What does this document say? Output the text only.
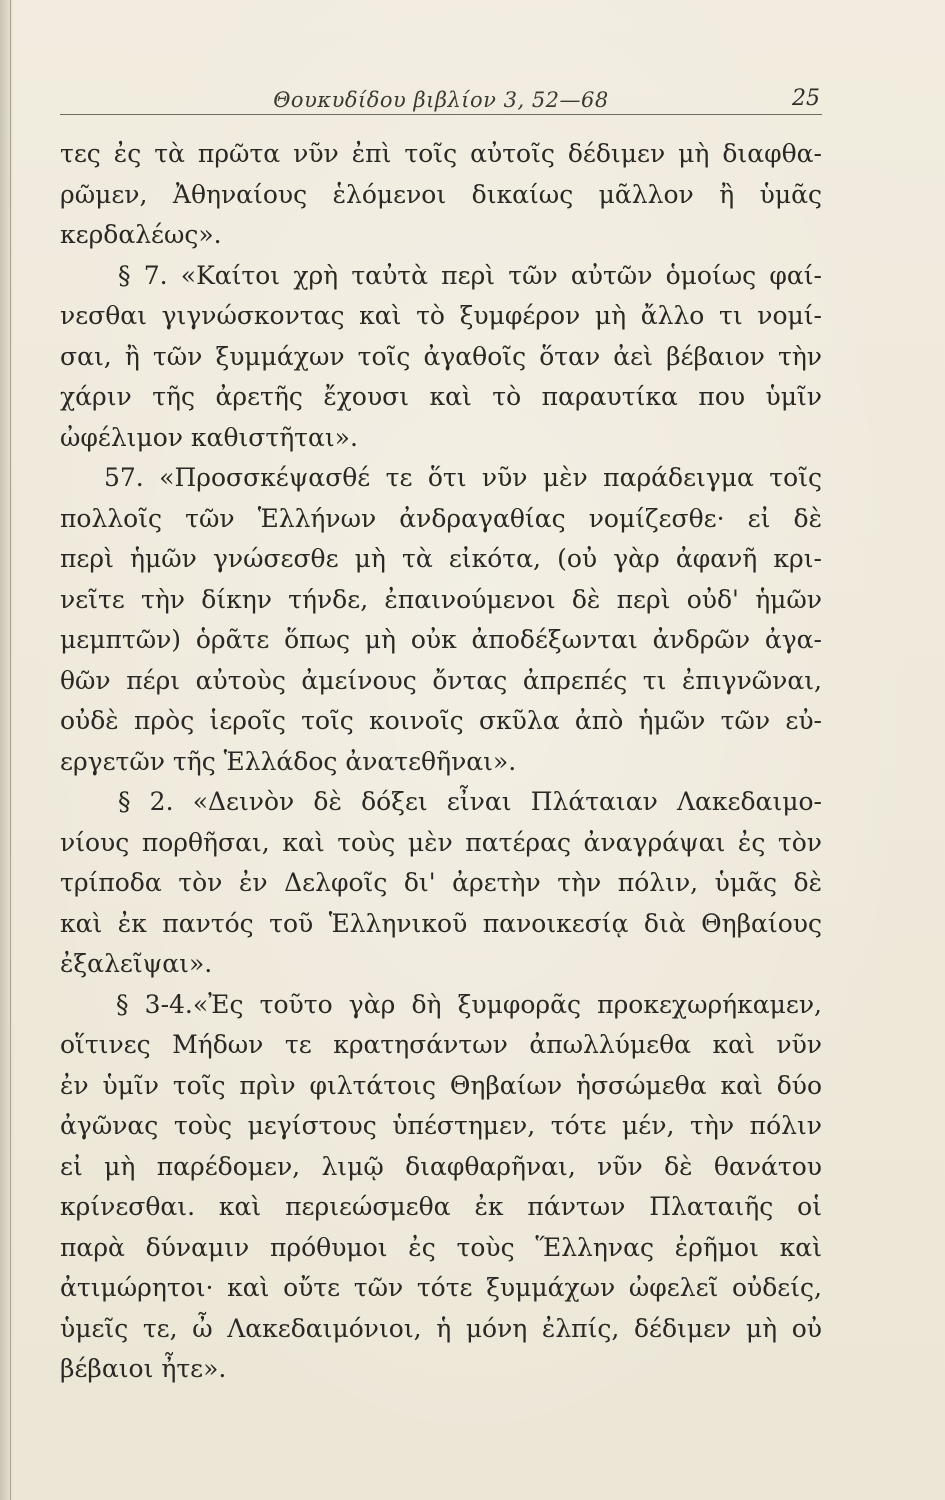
Θουκυδίδου βιβλίον 3, 52—68	25
τες ἐς τὰ πρῶτα νῦν ἐπὶ τοῖς αὐτοῖς δέδιμεν μὴ διαφθα-
ρῶμεν, Ἀθηναίους ἑλόμενοι δικαίως μᾶλλον ἢ ὑμᾶς
κερδαλέως».
§ 7. «Καίτοι χρὴ ταὐτὰ περὶ τῶν αὐτῶν ὁμοίως φαί-
νεσθαι γιγνώσκοντας καὶ τὸ ξυμφέρον μὴ ἄλλο τι νομί-
σαι, ἢ τῶν ξυμμάχων τοῖς ἀγαθοῖς ὅταν ἀεὶ βέβαιον τὴν
χάριν τῆς ἀρετῆς ἔχουσι καὶ τὸ παραυτίκα που ὑμῖν
ὠφέλιμον καθιστῆται».
57. «Προσσκέψασθέ τε ὅτι νῦν μὲν παράδειγμα τοῖς
πολλοῖς τῶν Ἑλλήνων ἀνδραγαθίας νομίζεσθε· εἰ δὲ
περὶ ἡμῶν γνώσεσθε μὴ τὰ εἰκότα, (οὐ γὰρ ἀφανῆ κρι-
νεῖτε τὴν δίκην τήνδε, ἐπαινούμενοι δὲ περὶ οὐδ' ἡμῶν
μεμπτῶν) ὁρᾶτε ὅπως μὴ οὐκ ἀποδέξωνται ἀνδρῶν ἀγα-
θῶν πέρι αὐτοὺς ἀμείνους ὄντας ἀπρεπές τι ἐπιγνῶναι,
οὐδὲ πρὸς ἱεροῖς τοῖς κοινοῖς σκῦλα ἀπὸ ἡμῶν τῶν εὐ-
εργετῶν τῆς Ἑλλάδος ἀνατεθῆναι».
§ 2. «Δεινὸν δὲ δόξει εἶναι Πλάταιαν Λακεδαιμο-
νίους πορθῆσαι, καὶ τοὺς μὲν πατέρας ἀναγράψαι ἐς τὸν
τρίποδα τὸν ἐν Δελφοῖς δι' ἀρετὴν τὴν πόλιν, ὑμᾶς δὲ
καὶ ἐκ παντός τοῦ Ἑλληνικοῦ πανοικεσίᾳ διὰ Θηβαίους
ἐξαλεῖψαι».
§ 3-4.«Ἐς τοῦτο γὰρ δὴ ξυμφορᾶς προκεχωρήκαμεν,
οἵτινες Μήδων τε κρατησάντων ἀπωλλύμεθα καὶ νῦν
ἐν ὑμῖν τοῖς πρὶν φιλτάτοις Θηβαίων ἡσσώμεθα καὶ δύο
ἀγῶνας τοὺς μεγίστους ὑπέστημεν, τότε μέν, τὴν πόλιν
εἰ μὴ παρέδομεν, λιμῷ διαφθαρῆναι, νῦν δὲ θανάτου
κρίνεσθαι. καὶ περιεώσμεθα ἐκ πάντων Πλαταιῆς οἱ
παρὰ δύναμιν πρόθυμοι ἐς τοὺς Ἕλληνας ἐρῆμοι καὶ
ἀτιμώρητοι· καὶ οὔτε τῶν τότε ξυμμάχων ὠφελεῖ οὐδείς,
ὑμεῖς τε, ὦ Λακεδαιμόνιοι, ἡ μόνη ἐλπίς, δέδιμεν μὴ οὐ
βέβαιοι ἦτε».
